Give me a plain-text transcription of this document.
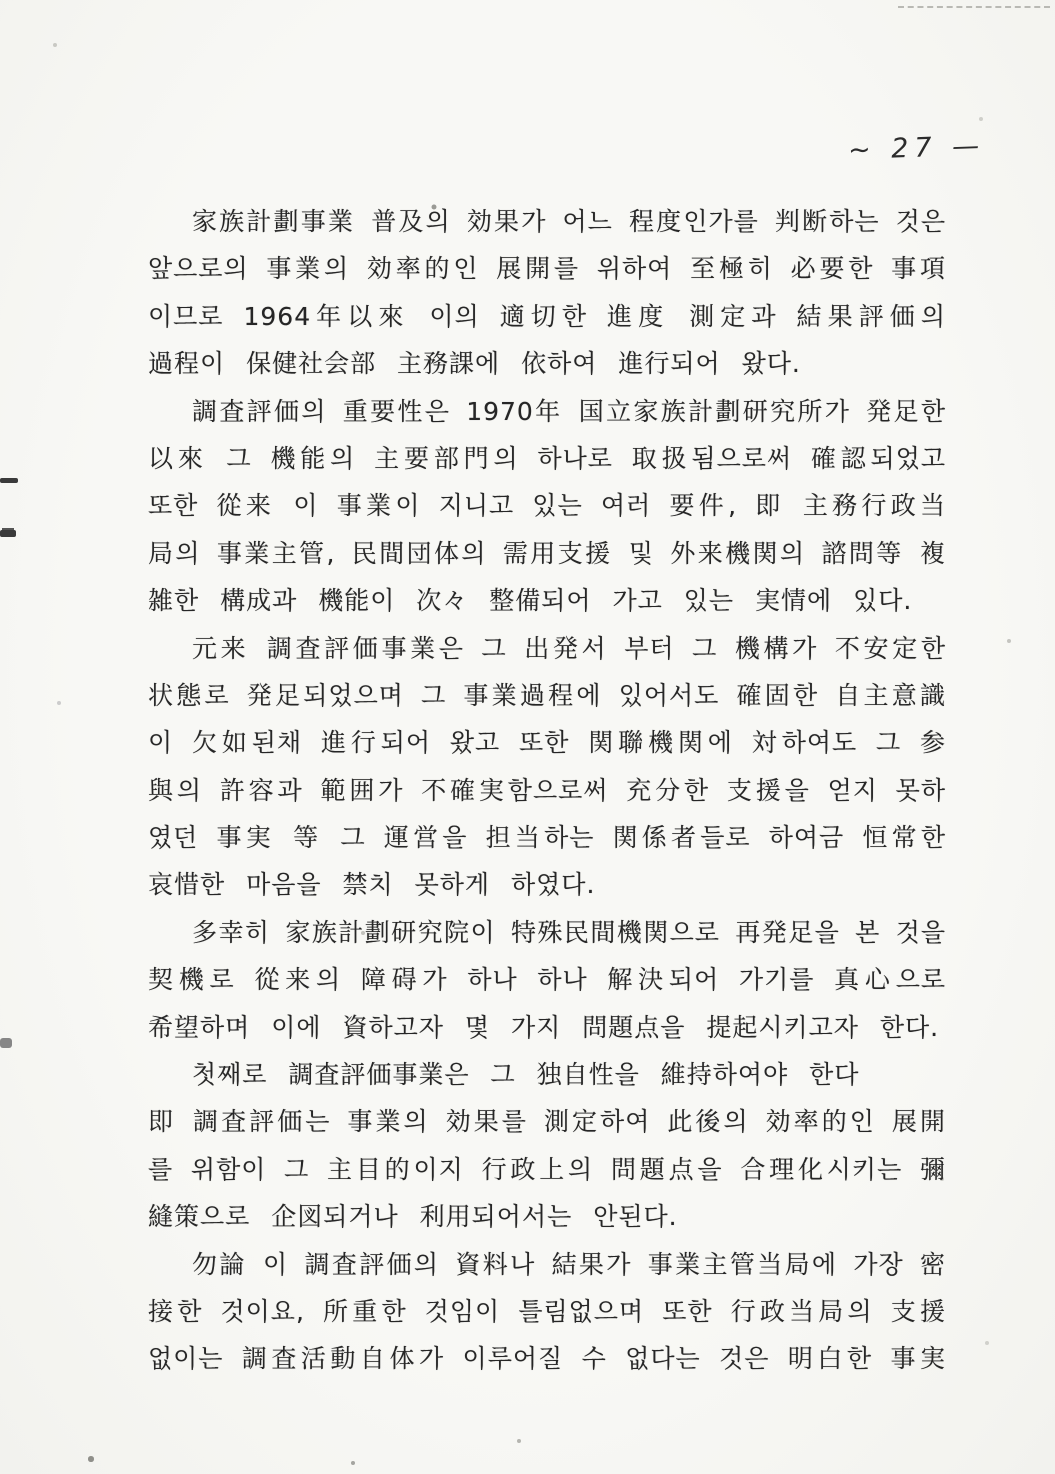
~ 27 —
家族計劃事業 普及의 効果가 어느 程度인가를 判断하는 것은
앞으로의 事業의 効率的인 展開를 위하여 至極히 必要한 事項
이므로 1964年以來 이의 適切한 進度 測定과 結果評価의
過程이 保健社会部 主務課에 依하여 進行되어 왔다.
調査評価의 重要性은 1970年 国立家族計劃研究所가 発足한
以來 그 機能의 主要部門의 하나로 取扱됨으로써 確認되었고
또한 從来 이 事業이 지니고 있는 여러 要件, 即 主務行政当
局의 事業主管, 民間団体의 需用支援 및 外来機関의 諮問等 複
雑한 構成과 機能이 次々 整備되어 가고 있는 実情에 있다.
元来 調査評価事業은 그 出発서 부터 그 機構가 不安定한
状態로 発足되었으며 그 事業過程에 있어서도 確固한 自主意識
이 欠如된채 進行되어 왔고 또한 関聯機関에 対하여도 그 参
與의 許容과 範囲가 不確実함으로써 充分한 支援을 얻지 못하
였던 事実 等 그 運営을 担当하는 関係者들로 하여금 恒常한
哀惜한 마음을 禁치 못하게 하였다.
多幸히 家族計劃研究院이 特殊民間機関으로 再発足을 본 것을
契機로 從来의 障碍가 하나 하나 解決되어 가기를 真心으로
希望하며 이에 資하고자 몇 가지 問題点을 提起시키고자 한다.
첫째로 調査評価事業은 그 独自性을 維持하여야 한다
即 調査評価는 事業의 効果를 測定하여 此後의 効率的인 展開
를 위함이 그 主目的이지 行政上의 問題点을 合理化시키는 彌
縫策으로 企図되거나 利用되어서는 안된다.
勿論 이 調査評価의 資料나 結果가 事業主管当局에 가장 密
接한 것이요, 所重한 것임이 틀림없으며 또한 行政当局의 支援
없이는 調査活動自体가 이루어질 수 없다는 것은 明白한 事実
